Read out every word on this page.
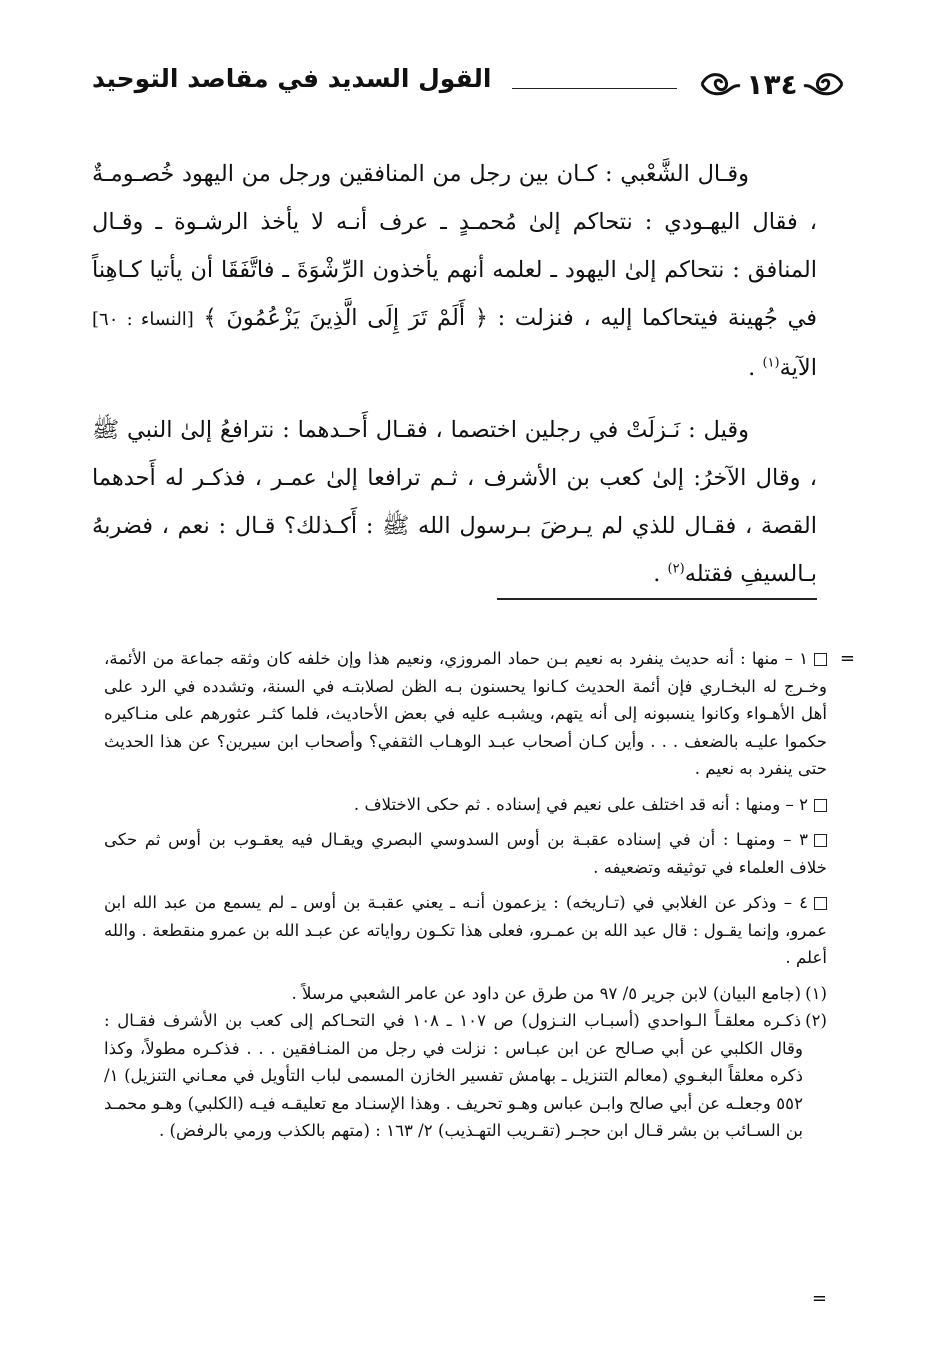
١٣٤
القول السديد في مقاصد التوحيد

وقـال الشَّعْبي : كـان بين رجل من المنافقين ورجل من اليهود خُصـومـةٌ ، فقال اليهـودي : نتحاكم إلىٰ مُحمـدٍ ـ عرف أنـه لا يأخذ الرشـوة ـ وقـال المنافق : نتحاكم إلىٰ اليهود ـ لعلمه أنهم يأخذون الرِّشْوَةَ ـ فاتَّفَقَا أن يأتيا كـاهِناً في جُهينة فيتحاكما إليه ، فنزلت : ﴿ أَلَمْ تَرَ إِلَى الَّذِينَ يَزْعُمُونَ ﴾ [النساء : ٦٠] الآية$^{(١)}$ .

وقيل : نَـزلَتْ في رجلين اختصما ، فقـال أَحـدهما : نترافعُ إلىٰ النبي ﷺ ، وقال الآخرُ: إلىٰ كعب بن الأشرف ، ثـم ترافعا إلىٰ عمـر ، فذكـر له أَحدهما القصة ، فقـال للذي لم يـرضَ بـرسول الله ﷺ : أَكـذلك؟ قـال : نعم ، فضربهُ بـالسيفِ فقتله$^{(٢)}$ .

=

١ – منها : أنه حديث ينفرد به نعيم بـن حماد المروزي، ونعيم هذا وإن خلفه كان وثقه جماعة من الأئمة، وخـرج له البخـاري فإن أئمة الحديث كـانوا يحسنون بـه الظن لصلابتـه في السنة، وتشدده في الرد على أهل الأهـواء وكانوا ينسبونه إلى أنه يتهم، ويشبـه عليه في بعض الأحاديث، فلما كثـر عثورهم على منـاكيره حكموا عليـه بالضعف . . . وأين كـان أصحاب عبـد الوهـاب الثقفي؟ وأصحاب ابن سيرين؟ عن هذا الحديث حتى ينفرد به نعيم .

٢ – ومنها : أنه قد اختلف على نعيم في إسناده . ثم حكى الاختلاف .

٣ – ومنهـا : أن في إسناده عقبـة بن أوس السدوسي البصري ويقـال فيه يعقـوب بن أوس ثم حكى خلاف العلماء في توثيقه وتضعيفه .

٤ – وذكر عن الغلابي في (تـاريخه) : يزعمون أنـه ـ يعني عقبـة بن أوس ـ لم يسمع من عبد الله ابن عمرو، وإنما يقـول : قال عبد الله بن عمـرو، فعلى هذا تكـون رواياته عن عبـد الله بن عمرو منقطعة . والله أعلم .

(١)(جامع البيان) لابن جرير ٥/ ٩٧ من طرق عن داود عن عامر الشعبي مرسلاً .

(٢)ذكـره معلقـاً الـواحدي (أسبـاب النـزول) ص ١٠٧ ـ ١٠٨ في التحـاكم إلى كعب بن الأشرف فقـال : وقال الكلبي عن أبي صـالح عن ابن عبـاس : نزلت في رجل من المنـافقين . . . فذكـره مطولاً، وكذا ذكره معلقاً البغـوي (معالم التنزيل ـ بهامش تفسير الخازن المسمى لباب التأويل في معـاني التنزيل) ١/ ٥٥٢ وجعلـه عن أبي صالح وابـن عباس وهـو تحريف . وهذا الإسنـاد مع تعليقـه فيـه (الكلبي) وهـو محمـد بن السـائب بن بشر قـال ابن حجـر (تقـريب التهـذيب) ٢/ ١٦٣ : (متهم بالكذب ورمي بالرفض) .

=
